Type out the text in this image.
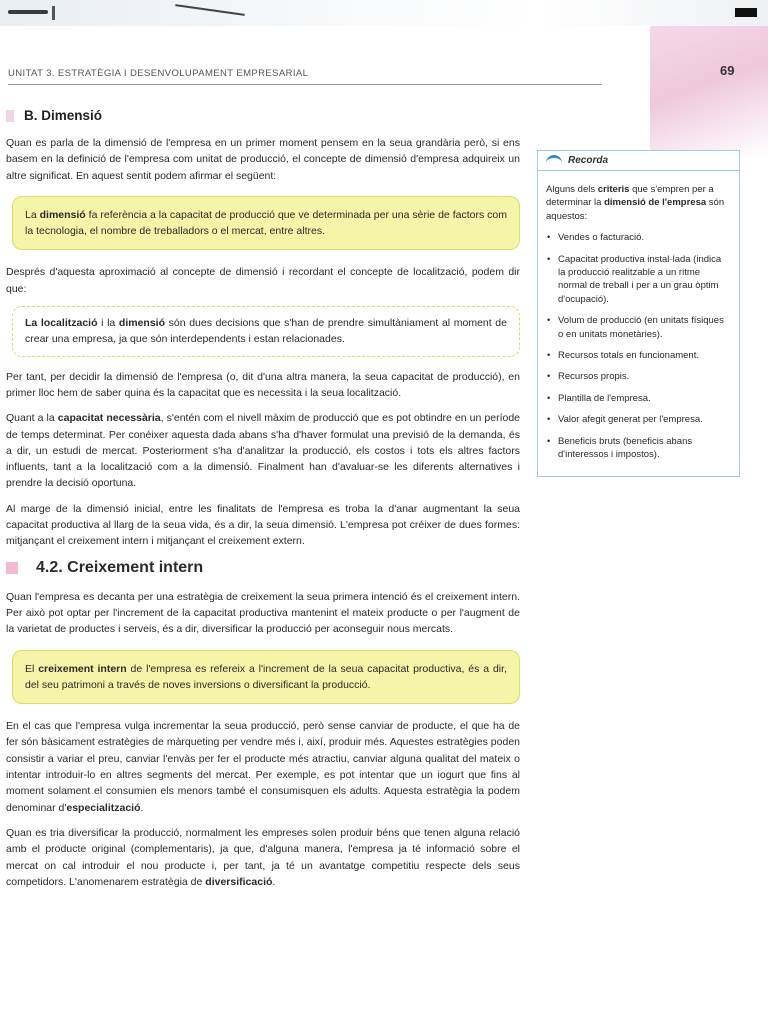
UNITAT 3. ESTRATÈGIA I DESENVOLUPAMENT EMPRESARIAL	69
B. Dimensió

Quan es parla de la dimensió de l'empresa en un primer moment pensem en la seua grandària però, si ens basem en la definició de l'empresa com unitat de producció, el concepte de dimensió d'empresa adquireix un altre significat. En aquest sentit podem afirmar el següent:

La dimensió fa referència a la capacitat de producció que ve determinada per una sèrie de factors com la tecnologia, el nombre de treballadors o el mercat, entre altres.

Després d'aquesta aproximació al concepte de dimensió i recordant el concepte de localització, podem dir que:

La localització i la dimensió són dues decisions que s'han de prendre simultàniament al moment de crear una empresa, ja que són interdependents i estan relacionades.

Per tant, per decidir la dimensió de l'empresa (o, dit d'una altra manera, la seua capacitat de producció), en primer lloc hem de saber quina és la capacitat que es necessita i la seua localització.

Quant a la capacitat necessària, s'entén com el nivell màxim de producció que es pot obtindre en un període de temps determinat. Per conéixer aquesta dada abans s'ha d'haver formulat una previsió de la demanda, és a dir, un estudi de mercat. Posteriorment s'ha d'analitzar la producció, els costos i tots els altres factors influents, tant a la localització com a la dimensió. Finalment han d'avaluar-se les diferents alternatives i prendre la decisió oportuna.

Al marge de la dimensió inicial, entre les finalitats de l'empresa es troba la d'anar augmentant la seua capacitat productiva al llarg de la seua vida, és a dir, la seua dimensió. L'empresa pot créixer de dues formes: mitjançant el creixement intern i mitjançant el creixement extern.

4.2. Creixement intern

Quan l'empresa es decanta per una estratègia de creixement la seua primera intenció és el creixement intern. Per això pot optar per l'increment de la capacitat productiva mantenint el mateix producte o per l'augment de la varietat de productes i serveis, és a dir, diversificar la producció per aconseguir nous mercats.

El creixement intern de l'empresa es refereix a l'increment de la seua capacitat productiva, és a dir, del seu patrimoni a través de noves inversions o diversificant la producció.

En el cas que l'empresa vulga incrementar la seua producció, però sense canviar de producte, el que ha de fer són bàsicament estratègies de màrqueting per vendre més i, així, produir més. Aquestes estratègies poden consistir a variar el preu, canviar l'envàs per fer el producte més atractiu, canviar alguna qualitat del mateix o intentar introduir-lo en altres segments del mercat. Per exemple, es pot intentar que un iogurt que fins al moment solament el consumien els menors també el consumisquen els adults. Aquesta estratègia la podem denominar d'especialització.

Quan es tria diversificar la producció, normalment les empreses solen produir béns que tenen alguna relació amb el producte original (complementaris), ja que, d'alguna manera, l'empresa ja té informació sobre el mercat on cal introduir el nou producte i, per tant, ja té un avantatge competitiu respecte dels seus competidors. L'anomenarem estratègia de diversificació.

Recorda

Alguns dels criteris que s'empren per a determinar la dimensió de l'empresa són aquestos:

• Vendes o facturació.
• Capacitat productiva instal·lada (indica la producció realitzable a un ritme normal de treball i per a un grau òptim d'ocupació).
• Volum de producció (en unitats físiques o en unitats monetàries).
• Recursos totals en funcionament.
• Recursos propis.
• Plantilla de l'empresa.
• Valor afegit generat per l'empresa.
• Beneficis bruts (beneficis abans d'interessos i impostos).
